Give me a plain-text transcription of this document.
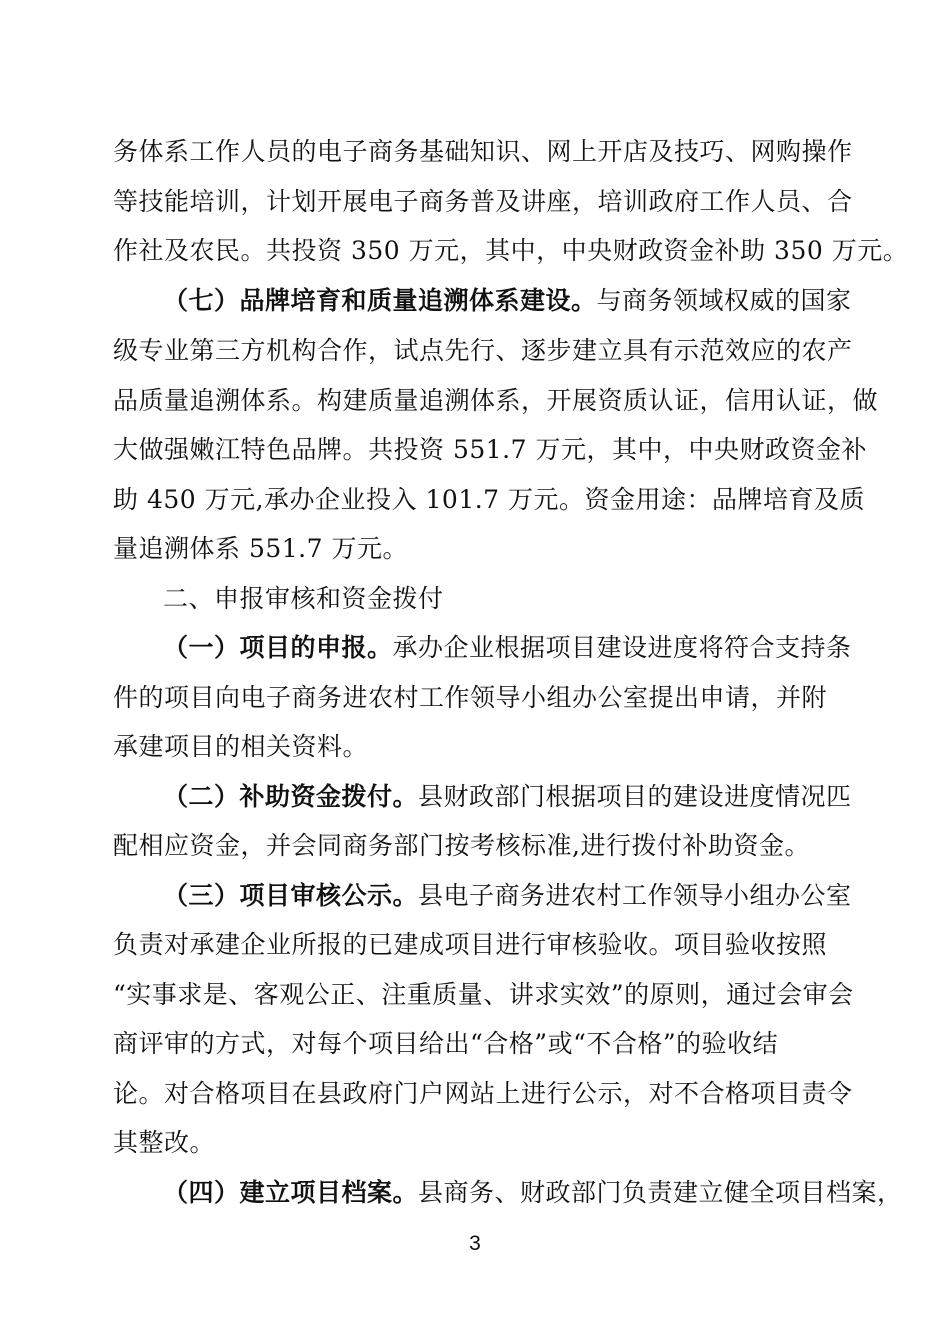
务体系工作人员的电子商务基础知识、网上开店及技巧、网购操作
等技能培训，计划开展电子商务普及讲座，培训政府工作人员、合
作社及农民。共投资 350 万元，其中，中央财政资金补助 350 万元。
（七）品牌培育和质量追溯体系建设。与商务领域权威的国家
级专业第三方机构合作，试点先行、逐步建立具有示范效应的农产
品质量追溯体系。构建质量追溯体系，开展资质认证，信用认证，做
大做强嫩江特色品牌。共投资 551.7 万元，其中，中央财政资金补
助 450 万元,承办企业投入 101.7 万元。资金用途：品牌培育及质
量追溯体系 551.7 万元。
二、申报审核和资金拨付
（一）项目的申报。承办企业根据项目建设进度将符合支持条
件的项目向电子商务进农村工作领导小组办公室提出申请，并附
承建项目的相关资料。
（二）补助资金拨付。县财政部门根据项目的建设进度情况匹
配相应资金，并会同商务部门按考核标准,进行拨付补助资金。
（三）项目审核公示。县电子商务进农村工作领导小组办公室
负责对承建企业所报的已建成项目进行审核验收。项目验收按照
“实事求是、客观公正、注重质量、讲求实效”的原则，通过会审会
商评审的方式，对每个项目给出“合格”或“不合格”的验收结
论。对合格项目在县政府门户网站上进行公示，对不合格项目责令
其整改。
（四）建立项目档案。县商务、财政部门负责建立健全项目档案，
3
